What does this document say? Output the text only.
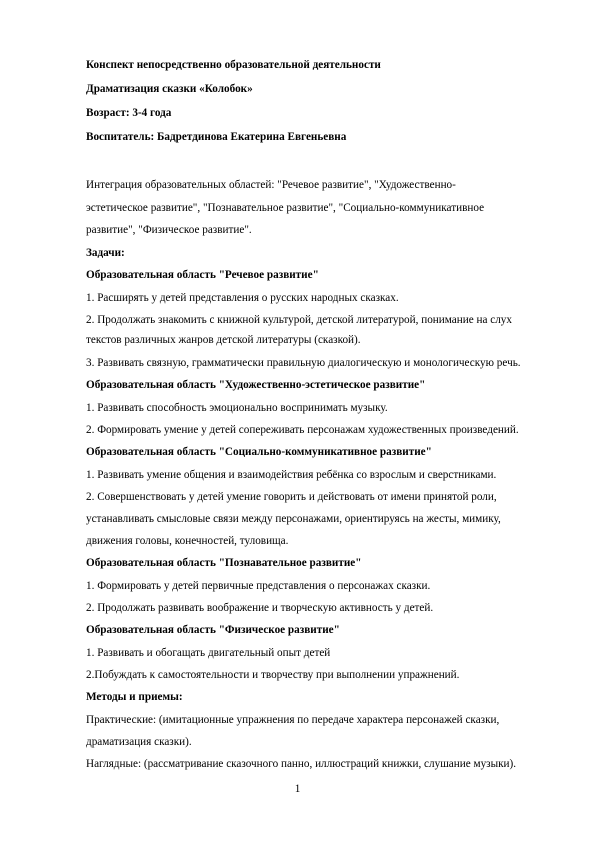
Конспект непосредственно образовательной деятельности
Драматизация сказки «Колобок»
Возраст: 3-4 года
Воспитатель: Бадретдинова Екатерина Евгеньевна
Интеграция образовательных областей: "Речевое развитие", "Художественно-
эстетическое развитие", "Познавательное развитие", "Социально-коммуникативное
развитие", "Физическое развитие".
Задачи:
Образовательная область "Речевое развитие"
1. Расширять у детей представления о русских народных сказках.
2. Продолжать знакомить с книжной культурой, детской литературой, понимание на слух
текстов различных жанров детской литературы (сказкой).
3. Развивать связную, грамматически правильную диалогическую и монологическую речь.
Образовательная область "Художественно-эстетическое развитие"
1. Развивать способность эмоционально воспринимать музыку.
2. Формировать умение у детей сопереживать персонажам художественных произведений.
Образовательная область "Социально-коммуникативное развитие"
1. Развивать умение общения и взаимодействия ребёнка со взрослым и сверстниками.
2. Совершенствовать у детей умение говорить и действовать от имени принятой роли,
устанавливать смысловые связи между персонажами, ориентируясь на жесты, мимику,
движения головы, конечностей, туловища.
Образовательная область "Познавательное развитие"
1. Формировать у детей первичные представления о персонажах сказки.
2. Продолжать развивать воображение и творческую активность у детей.
Образовательная область "Физическое развитие"
1. Развивать и обогащать двигательный опыт детей
2.Побуждать к самостоятельности и творчеству при выполнении упражнений.
Методы и приемы:
Практические: (имитационные упражнения по передаче характера персонажей сказки,
драматизация сказки).
Наглядные: (рассматривание сказочного панно, иллюстраций книжки, слушание музыки).
1
